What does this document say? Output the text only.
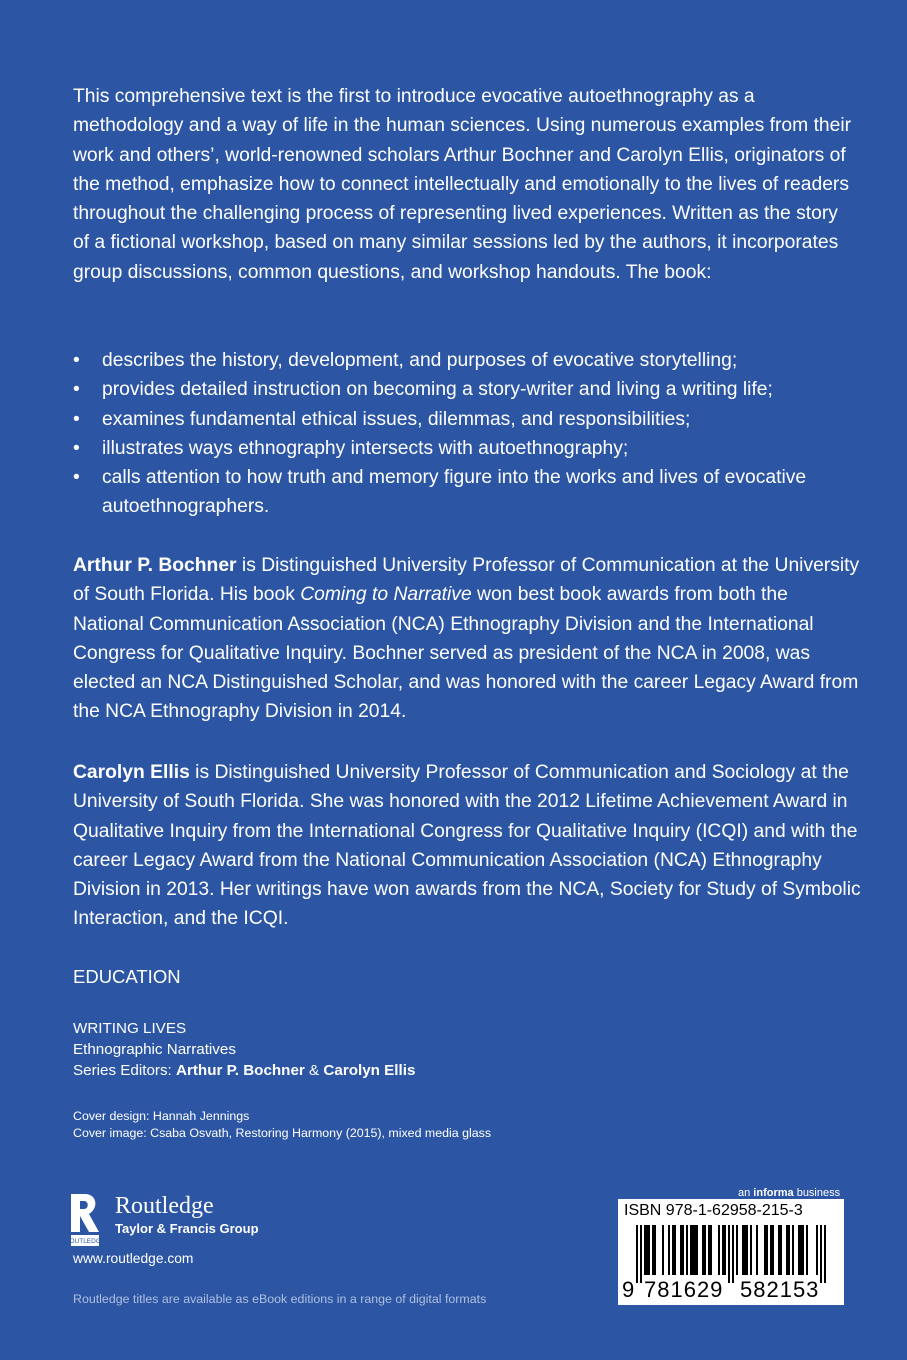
This comprehensive text is the first to introduce evocative autoethnography as a methodology and a way of life in the human sciences. Using numerous examples from their work and others’, world-renowned scholars Arthur Bochner and Carolyn Ellis, originators of the method, emphasize how to connect intellectually and emotionally to the lives of readers throughout the challenging process of representing lived experiences. Written as the story of a fictional workshop, based on many similar sessions led by the authors, it incorporates group discussions, common questions, and workshop handouts. The book:

• describes the history, development, and purposes of evocative storytelling;
• provides detailed instruction on becoming a story-writer and living a writing life;
• examines fundamental ethical issues, dilemmas, and responsibilities;
• illustrates ways ethnography intersects with autoethnography;
• calls attention to how truth and memory figure into the works and lives of evocative autoethnographers.

Arthur P. Bochner is Distinguished University Professor of Communication at the University of South Florida. His book Coming to Narrative won best book awards from both the National Communication Association (NCA) Ethnography Division and the International Congress for Qualitative Inquiry. Bochner served as president of the NCA in 2008, was elected an NCA Distinguished Scholar, and was honored with the career Legacy Award from the NCA Ethnography Division in 2014.

Carolyn Ellis is Distinguished University Professor of Communication and Sociology at the University of South Florida. She was honored with the 2012 Lifetime Achievement Award in Qualitative Inquiry from the International Congress for Qualitative Inquiry (ICQI) and with the career Legacy Award from the National Communication Association (NCA) Ethnography Division in 2013. Her writings have won awards from the NCA, Society for Study of Symbolic Interaction, and the ICQI.

EDUCATION

WRITING LIVES
Ethnographic Narratives
Series Editors: Arthur P. Bochner & Carolyn Ellis
Cover design: Hannah Jennings
Cover image: Csaba Osvath, Restoring Harmony (2015), mixed media glass
ROUTLEDGE
Routledge
Taylor & Francis Group

www.routledge.com

Routledge titles are available as eBook editions in a range of digital formats

an informa business
ISBN 978-1-62958-215-3
9 781629 582153
